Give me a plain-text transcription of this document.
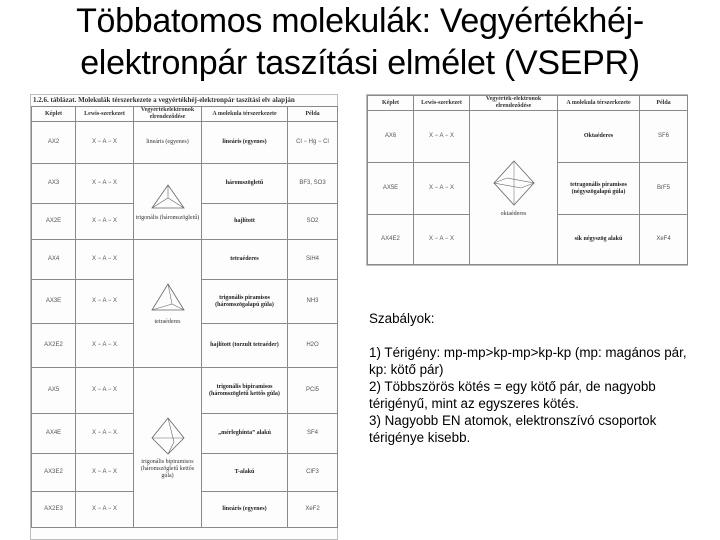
Többatomos molekulák: Vegyértékhéj-
elektronpár taszítási elmélet (VSEPR)
1.2.6. táblázat. Molekulák térszerkezete a vegyértékhéj-elektronpár taszítási elv alapján
Képlet	Lewis-szerkezet	Vegyértékelektronok elrendeződése	A molekula térszerkezete	Példa
AX2	X − A − X	lineáris (egyenes)	lineáris (egyenes)	Cl − Hg − Cl
AX3	X − A − X	trigonális (háromszögletű)	háromszögletű	BF3, SO3
AX2E	X − A − X		hajlított	SO2
AX4	X − A − X	tetraéderes	tetraéderes	SiH4
AX3E	X − A − X		trigonális piramisos (háromszögalapú gúla)	NH3
AX2E2	X − A − X		hajlított (torzult tetraéder)	H2O
AX5	X − A − X	trigonális bipiramisos (háromszögletű kettős gúla)	trigonális bipiramisos (háromszögletű kettős gúla)	PCl5
AX4E	X − A − X		„mérleghinta” alakú	SF4
AX3E2	X − A − X		T-alakú	ClF3
AX2E3	X − A − X		lineáris (egyenes)	XeF2
Képlet	Lewis-szerkezet	Vegyérték-elektronok elrendeződése	A molekula térszerkezete	Példa
AX6	X − A − X	oktaéderes	Oktaéderes	SF6
AX5E	X − A − X		tetragonális piramisos (négyszögalapú gúla)	BrF5
AX4E2	X − A − X		sík négyszög alakú	XeF4

Szabályok:

1) Térigény: mp-mp>kp-mp>kp-kp (mp: magános pár, kp: kötő pár)

2) Többszörös kötés = egy kötő pár, de nagyobb térigényű, mint az egyszeres kötés.

3) Nagyobb EN atomok, elektronszívó csoportok térigénye kisebb.
